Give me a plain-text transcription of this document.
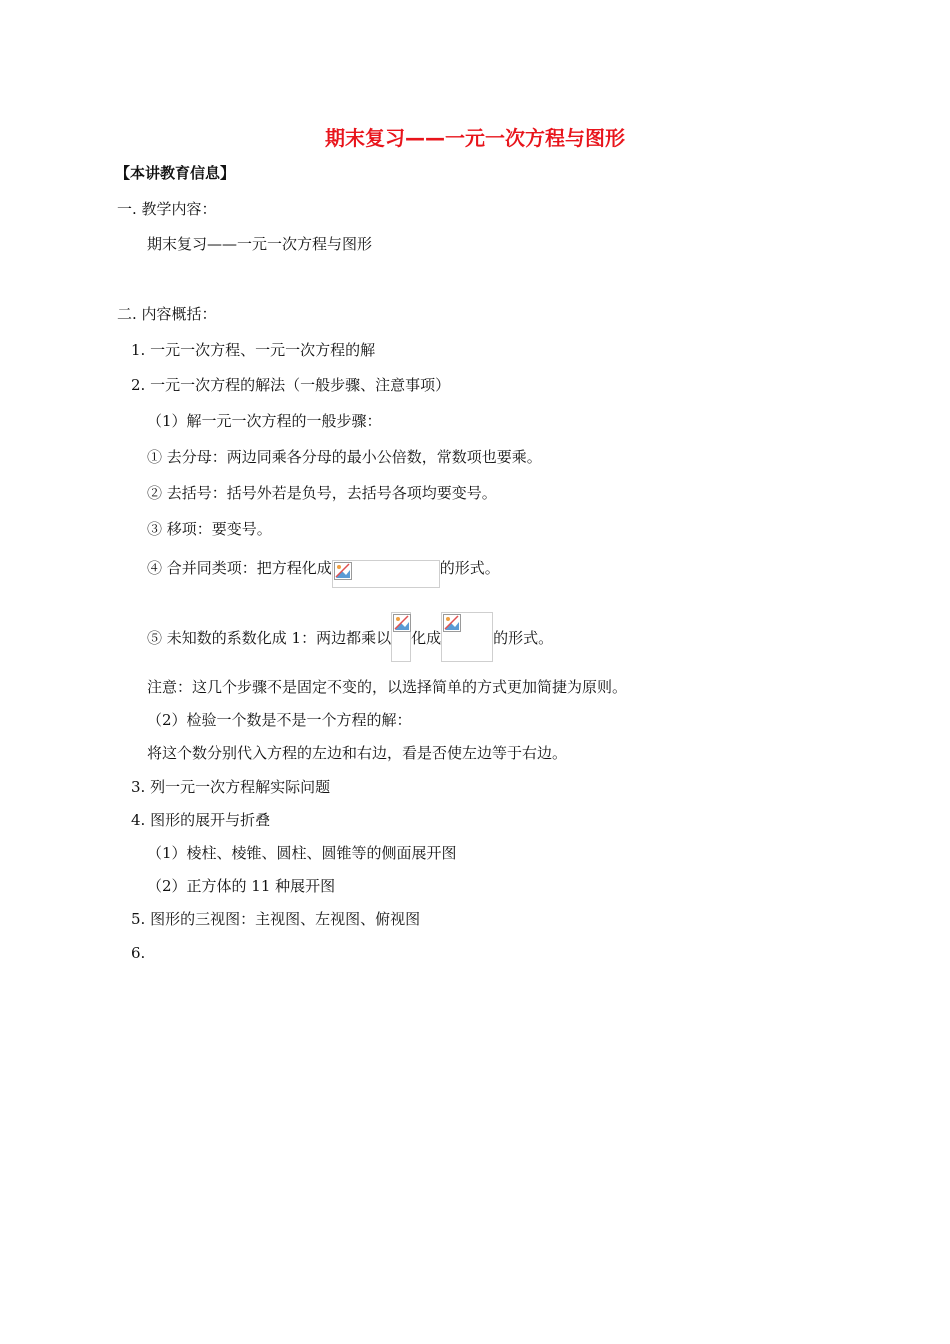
期末复习——一元一次方程与图形
【本讲教育信息】
一. 教学内容：
期末复习——一元一次方程与图形
二. 内容概括：
1. 一元一次方程、一元一次方程的解
2. 一元一次方程的解法（一般步骤、注意事项）
（1）解一元一次方程的一般步骤：
① 去分母：两边同乘各分母的最小公倍数，常数项也要乘。
② 去括号：括号外若是负号，去括号各项均要变号。
③ 移项：要变号。
④ 合并同类项：把方程化成	的形式。
⑤ 未知数的系数化成 1：两边都乘以 化成	的形式。
注意：这几个步骤不是固定不变的，以选择简单的方式更加简捷为原则。
（2）检验一个数是不是一个方程的解：
将这个数分别代入方程的左边和右边，看是否使左边等于右边。
3. 列一元一次方程解实际问题
4. 图形的展开与折叠
（1）棱柱、棱锥、圆柱、圆锥等的侧面展开图
（2）正方体的 11 种展开图
5. 图形的三视图：主视图、左视图、俯视图
6.
